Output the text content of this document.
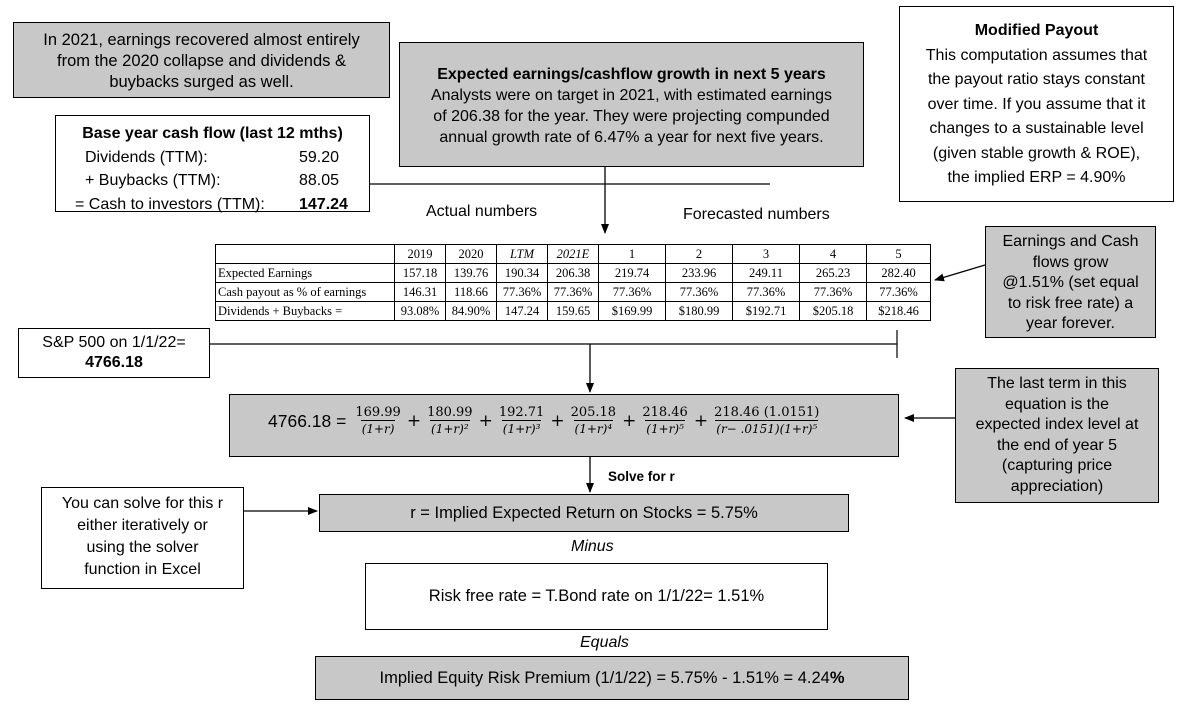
In 2021, earnings recovered almost entirely
from the 2020 collapse and dividends &
buybacks surged as well.	Expected earnings/cashflow growth in next 5 years
Analysts were on target in 2021, with estimated earnings
of 206.38 for the year. They were projecting compunded
annual growth rate of 6.47% a year for next five years.
Modified Payout
This computation assumes that
the payout ratio stays constant
over time. If you assume that it
changes to a sustainable level
(given stable growth & ROE),
the implied ERP = 4.90%
Base year cash flow (last 12 mths)
Dividends (TTM):	59.20
+ Buybacks (TTM):	88.05
= Cash to investors (TTM): 147.24	Actual numbers	Forecasted numbers
	2019	2020	LTM	2021E	1	2	3	4	5
Expected Earnings	157.18	139.76	190.34	206.38	219.74	233.96	249.11	265.23	282.40
Cash payout as % of earnings	146.31	118.66	77.36%	77.36%	77.36%	77.36%	77.36%	77.36%	77.36%
Dividends + Buybacks =	93.08%	84.90%	147.24	159.65	$169.99	$180.99	$192.71	$205.18	$218.46
S&P 500 on 1/1/22=
4766.18
Earnings and Cash
flows grow
@1.51% (set equal
to risk free rate) a
year forever.
The last term in this
equation is the
expected index level at
the end of year 5
(capturing price
appreciation)
$4766.18 = \frac{169.99}{(1+r)} + \frac{180.99}{\text{(1+r)²}} + \frac{192.71}{\text{(1+r)³}} + \frac{205.18}{\text{(1+r)⁴}} + \frac{218.46}{\text{(1+r)⁵}} + \frac{218.46 (1.0151)}{\text{(r− .0151)(1+r)⁵}}$
Solve for r
You can solve for this r
either iteratively or
using the solver
function in Excel
r = Implied Expected Return on Stocks = 5.75%
Minus
Risk free rate = T.Bond rate on 1/1/22= 1.51%
Equals
Implied Equity Risk Premium (1/1/22) = 5.75% - 1.51% = 4.24%
